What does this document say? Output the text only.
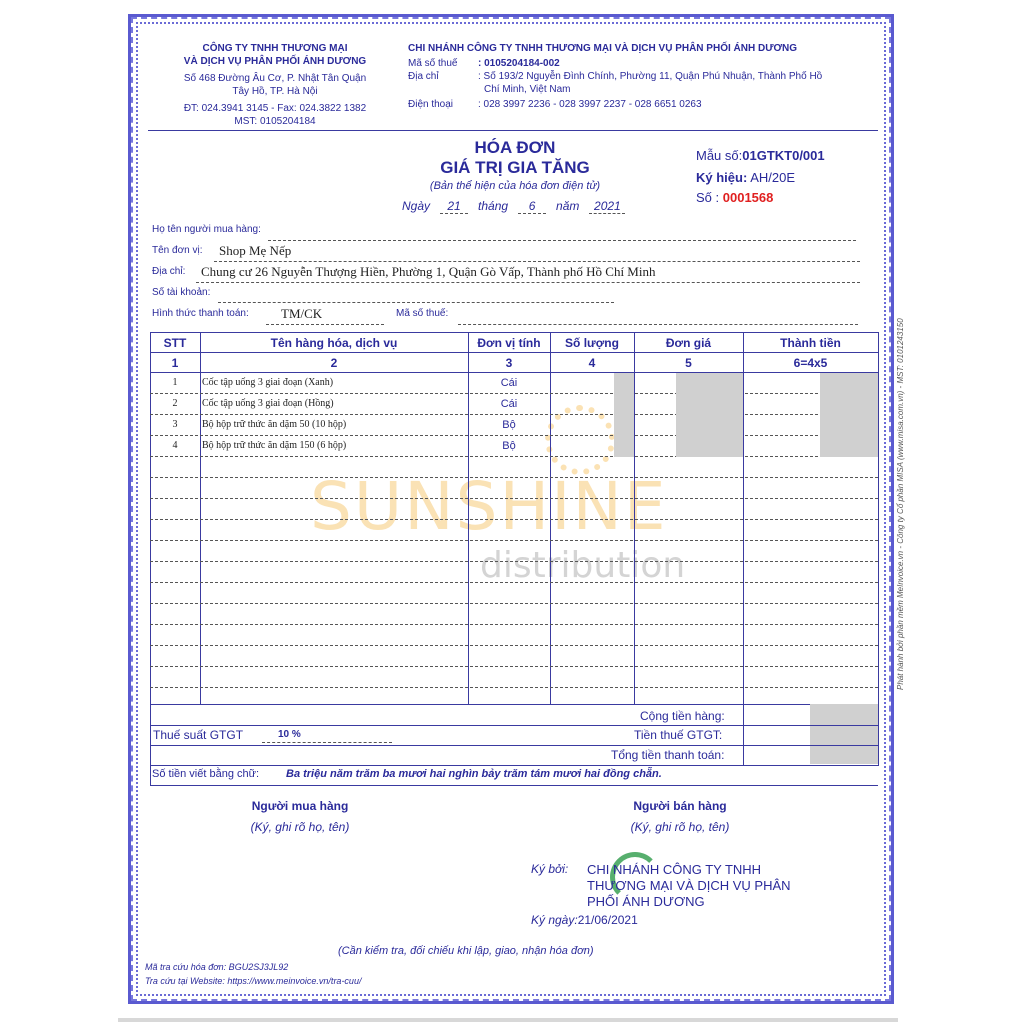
SUNSHINE
distribution
CÔNG TY TNHH THƯƠNG MẠI
VÀ DỊCH VỤ PHÂN PHỐI ÁNH DƯƠNG
Số 468 Đường Âu Cơ, P. Nhật Tân Quận
Tây Hồ, TP. Hà Nội
ĐT: 024.3941 3145 - Fax: 024.3822 1382
MST: 0105204184
CHI NHÁNH CÔNG TY TNHH THƯƠNG MẠI VÀ DỊCH VỤ PHÂN PHỐI ÁNH DƯƠNG
Mã số thuế	: 0105204184-002
Địa chỉ	: Số 193/2 Nguyễn Đình Chính, Phường 11, Quận Phú Nhuận, Thành Phố Hồ
Chí Minh, Việt Nam
Điện thoại	: 028 3997 2236 - 028 3997 2237 - 028 6651 0263
HÓA ĐƠN
GIÁ TRỊ GIA TĂNG
(Bản thể hiện của hóa đơn điện tử)
Ngày	21	tháng	6	năm	2021
Mẫu số:01GTKT0/001
Ký hiệu: AH/20E
Số : 0001568
Họ tên người mua hàng:
Tên đơn vị: Shop Mẹ Nếp
Địa chỉ: Chung cư 26 Nguyễn Thượng Hiền, Phường 1, Quận Gò Vấp, Thành phố Hồ Chí Minh
Số tài khoản:
Hình thức thanh toán: TM/CK	Mã số thuế:
STT	Tên hàng hóa, dịch vụ	Đơn vị tính	Số lượng	Đơn giá	Thành tiền
1	2	3	4	5	6=4x5
1	Cốc tập uống 3 giai đoạn (Xanh)	Cái
2	Cốc tập uống 3 giai đoạn (Hồng)	Cái
3	Bộ hộp trữ thức ăn dặm 50 (10 hộp)	Bộ
4	Bộ hộp trữ thức ăn dặm 150 (6 hộp)	Bộ
Cộng tiền hàng:
Thuế suất GTGT	10 %	Tiền thuế GTGT:
Tổng tiền thanh toán:
Số tiền viết bằng chữ: Ba triệu năm trăm ba mươi hai nghìn bảy trăm tám mươi hai đồng chẵn.
Người mua hàng
(Ký, ghi rõ họ, tên)
Người bán hàng
(Ký, ghi rõ họ, tên)
Ký bởi: CHI NHÁNH CÔNG TY TNHH
THƯƠNG MẠI VÀ DỊCH VỤ PHÂN
PHỐI ÁNH DƯƠNG
Ký ngày:21/06/2021
(Cần kiểm tra, đối chiếu khi lập, giao, nhận hóa đơn)
Mã tra cứu hóa đơn: BGU2SJ3JL92
Tra cứu tại Website: https://www.meinvoice.vn/tra-cuu/
Phát hành bởi phần mềm MeInvoice.vn - Công ty Cổ phần MISA (www.misa.com.vn) - MST: 0101243150
